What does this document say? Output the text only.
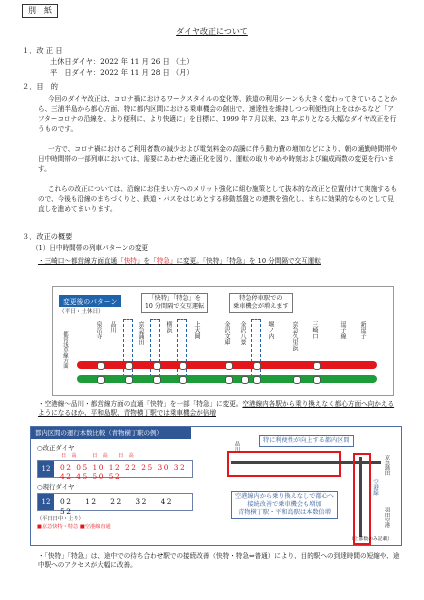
別　紙
ダイヤ改正について
１．改 正 日
土休日ダイヤ：2022 年 11 月 26 日 （土）
平　日ダイヤ：2022 年 11 月 28 日 （月）
２．目　的
今回のダイヤ改正は、コロナ禍におけるワークスタイルの変化等、鉄道の利用シーンも大きく変わってきていることから、三浦半島から都心方面、特に都内区間における乗車機会の創出で、速達性を維持しつつ利便性向上をはかるなど「アフターコロナの沿線を、より便利に、より快適に」を目標に、1999 年７月以来、23 年ぶりとなる大幅なダイヤ改正を行うものです。
一方で、コロナ禍におけるご利用者数の減少および電気料金の高騰に伴う動力費の増加などにより、朝の通勤時間帯や日中時間帯の一部列車においては、需要にあわせた適正化を図り、運転の取りやめや時刻および編成両数の変更を行います。
これらの改正については、沿線にお住まい方へのメリット強化に組む施策として抜本的な改正と位置付けて実施するもので、今後も沿線のまちづくりと、鉄道・バスをはじめとする移動基盤との連携を強化し、まちに効果的なものとして見直しを進めてまいります。
３．改正の概要
（1）日中時間帯の列車パターンの変更
・三崎口～都営線方面直通「快特」を「特急」に変更。「快特」「特急」を 10 分間隔で交互運転
変更後のパターン
（平日・土休日）
「快特」「特急」を
10 分間隔で交互運転
特急停車駅での
乗車機会が増えます
泉岳寺 品川	京急蒲田	横浜	上大岡	金沢文庫 金沢八景	堀ノ内	京急久里浜 三崎口	逗子線 新逗子
都営浅草線方面
・空港線～品川・都営線方面の直通「快特」を一部「特急」に変更。空港線内各駅から乗り換えなく都心方面へ向かえるようになるほか、平和島駅、青物横丁駅では乗車機会が倍増
都内区間の運行本数比較（青物横丁駅の例）
○改正ダイヤ
日　高　　　日　高　　日　高
12	02 05 10 12 22 25 30 32 42 45 50 52
○現行ダイヤ
12	02　 12　 22　 32　 42　 52
（平日日中・上り）
■京急快特・特急 ■空港線直通
特に利便性が向上する都内区間
空港線
品川
京急蒲田
羽田空港
空港線内から乗り換えなしで都心へ
接続改善で乗車機会も増加
青物横丁駅・平和島駅は本数倍増
（上都数のみ記載）
・「快特」「特急」は、途中での待ち合わせ駅での接続改善（快特・特急⇔普通）により、目的駅への到達時間の短縮や、途中駅へのアクセスが大幅に改善。
